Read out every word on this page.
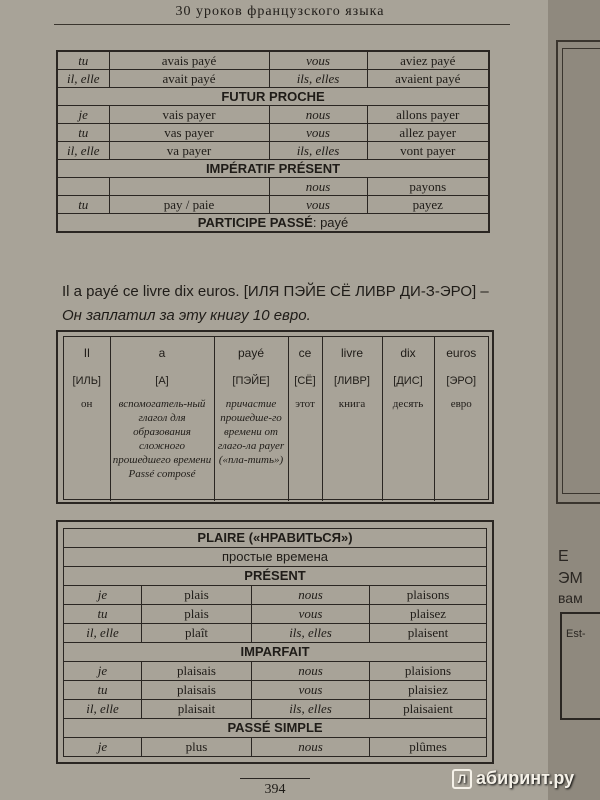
30 уроков французского языка
tu	avais payé	vous	aviez payé
il, elle	avait payé	ils, elles	avaient payé
FUTUR PROCHE			
je	vais payer	nous	allons payer
tu	vas payer	vous	allez payer
il, elle	va payer	ils, elles	vont payer
IMPÉRATIF PRÉSENT			
		nous	payons
tu	pay / paie	vous	payez
PARTICIPE PASSÉ: payé			
Il a payé ce livre dix euros. [ИЛЯ ПЭЙЕ СЁ ЛИВР ДИ-З-ЭРО] – Он заплатил за эту книгу 10 евро.
Il	a	payé	ce	livre	dix	euros
[ИЛЬ]	[А]	[ПЭЙЕ]	[СЁ]	[ЛИВР]	[ДИС]	[ЭРО]
он	вспомогатель-ный глагол для образования сложного прошедшего времени Passé composé	причастие прошедше-го времени от глаго-ла payer («пла-тить»)	этот	книга	десять	евро
PLAIRE («НРАВИТЬСЯ»)			
простые времена			
PRÉSENT			
je	plais	nous	plaisons
tu	plais	vous	plaisez
il, elle	plaît	ils, elles	plaisent
IMPARFAIT			
je	plaisais	nous	plaisions
tu	plaisais	vous	plaisiez
il, elle	plaisait	ils, elles	plaisaient
PASSÉ SIMPLE			
je	plus	nous	plûmes
394
Е
ЭМ
вам
Est-
Л абиринт.ру
